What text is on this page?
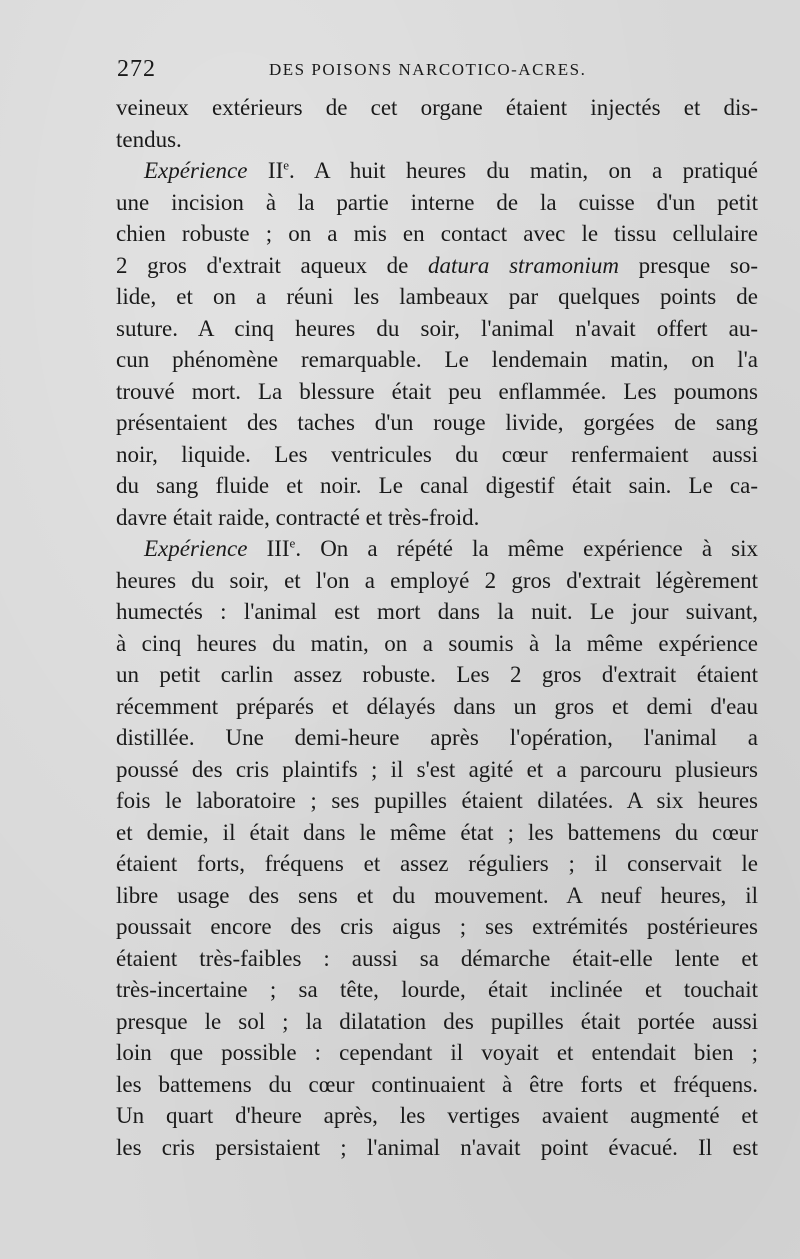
272	DES POISONS NARCOTICO-ACRES.
veineux extérieurs de cet organe étaient injectés et dis-
tendus.
Expérience IIe. A huit heures du matin, on a pratiqué
une incision à la partie interne de la cuisse d'un petit
chien robuste ; on a mis en contact avec le tissu cellulaire
2 gros d'extrait aqueux de datura stramonium presque so-
lide, et on a réuni les lambeaux par quelques points de
suture. A cinq heures du soir, l'animal n'avait offert au-
cun phénomène remarquable. Le lendemain matin, on l'a
trouvé mort. La blessure était peu enflammée. Les poumons
présentaient des taches d'un rouge livide, gorgées de sang
noir, liquide. Les ventricules du cœur renfermaient aussi
du sang fluide et noir. Le canal digestif était sain. Le ca-
davre était raide, contracté et très-froid.
Expérience IIIe. On a répété la même expérience à six
heures du soir, et l'on a employé 2 gros d'extrait légèrement
humectés : l'animal est mort dans la nuit. Le jour suivant,
à cinq heures du matin, on a soumis à la même expérience
un petit carlin assez robuste. Les 2 gros d'extrait étaient
récemment préparés et délayés dans un gros et demi d'eau
distillée. Une demi-heure après l'opération, l'animal a
poussé des cris plaintifs ; il s'est agité et a parcouru plusieurs
fois le laboratoire ; ses pupilles étaient dilatées. A six heures
et demie, il était dans le même état ; les battemens du cœur
étaient forts, fréquens et assez réguliers ; il conservait le
libre usage des sens et du mouvement. A neuf heures, il
poussait encore des cris aigus ; ses extrémités postérieures
étaient très-faibles : aussi sa démarche était-elle lente et
très-incertaine ; sa tête, lourde, était inclinée et touchait
presque le sol ; la dilatation des pupilles était portée aussi
loin que possible : cependant il voyait et entendait bien ;
les battemens du cœur continuaient à être forts et fréquens.
Un quart d'heure après, les vertiges avaient augmenté et
les cris persistaient ; l'animal n'avait point évacué. Il est
